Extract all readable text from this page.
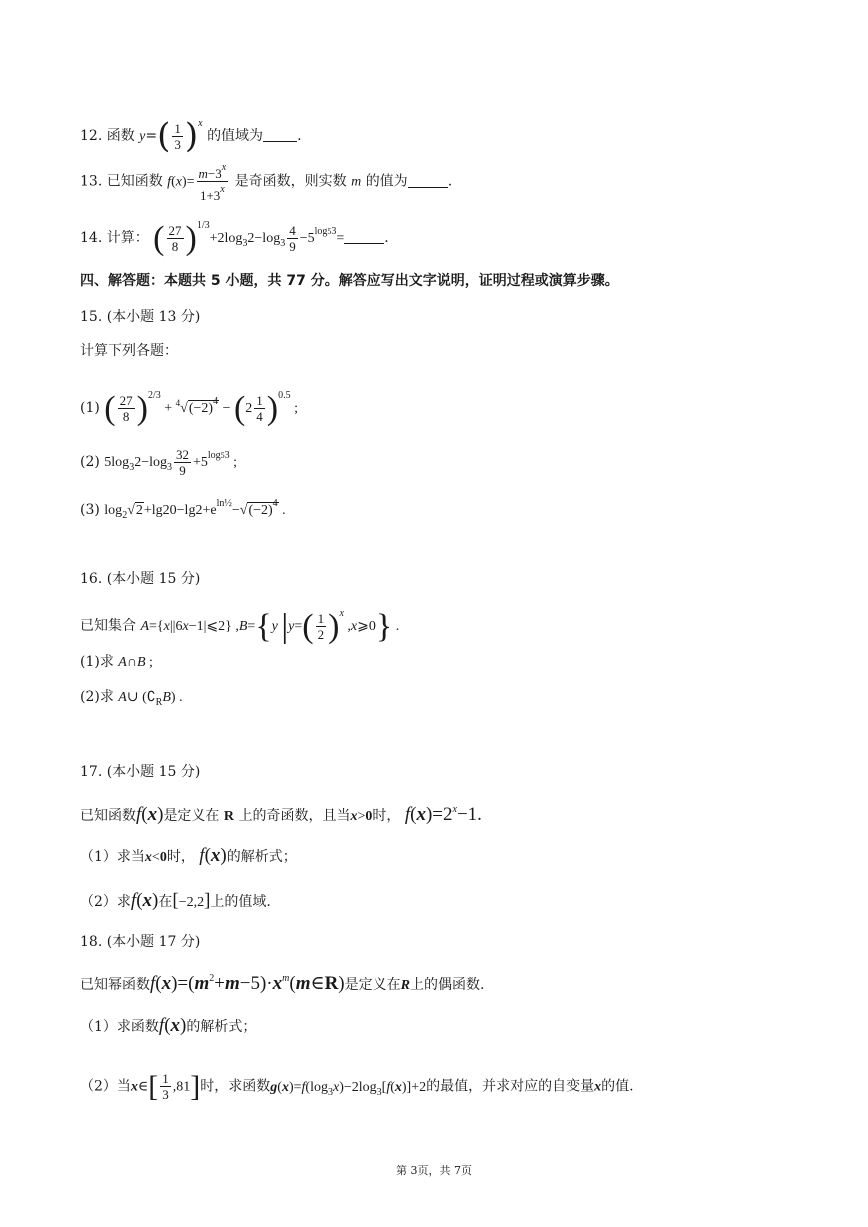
12. 函数 $y=( \frac{1}{3} )^x$ 的值域为 .
13. 已知函数 $f(x)= \frac{m-3^x}{1+3^x}$ 是奇函数，则实数 m 的值为	.
14. 计算： ( $\frac{27}{8} )^{1/3}+2\log_32-\log_3 \frac{4}{9} -5^{log53}=$	.
四、解答题：本题共 5 小题，共 77 分。解答应写出文字说明，证明过程或演算步骤。
15. (本小题 13 分)
计算下列各题：
(1) ( $\frac{27}{8} )^{2/3} + ^4√(-2)^4 - (2 \frac{1}{4} )^{0.5}$ ;
(2) $5\log_32-\log_3 \frac{32}{9} +5^{log53}$ ;
(3) $\log_2√2+\lg 20-\lg 2+e^{ln\frac{1}{2}}-√(-2)^4$ .
16. (本小题 15 分)
已知集合 A={x||6x−1|⩽2} ,B={y $|y=( \frac{1}{2} )^x$ ,x⩾0} .
(1)求 A∩B ;
(2)求 A∪ $(∁_RB)$ .
17. (本小题 15 分)
已知函数f(x)是定义在 R 上的奇函数，且当x>0时， $f(x)=2^x-1$.
（1）求当x<0时， f(x)的解析式；
（2）求f(x)在[−2,2]上的值域.
18. (本小题 17 分)
已知幂函数$f(x)=(m^2+m-5)\cdot x^m(m\in R)$是定义在R上的偶函数.
（1）求函数f(x)的解析式；
（2）当x∈[ $\frac{1}{3} ,81$]时，求函数$g(x)=f(\log_3x)-2\log_3[f(x)]+2$的最值，并求对应的自变量x的值.
第 3页，共 7页
